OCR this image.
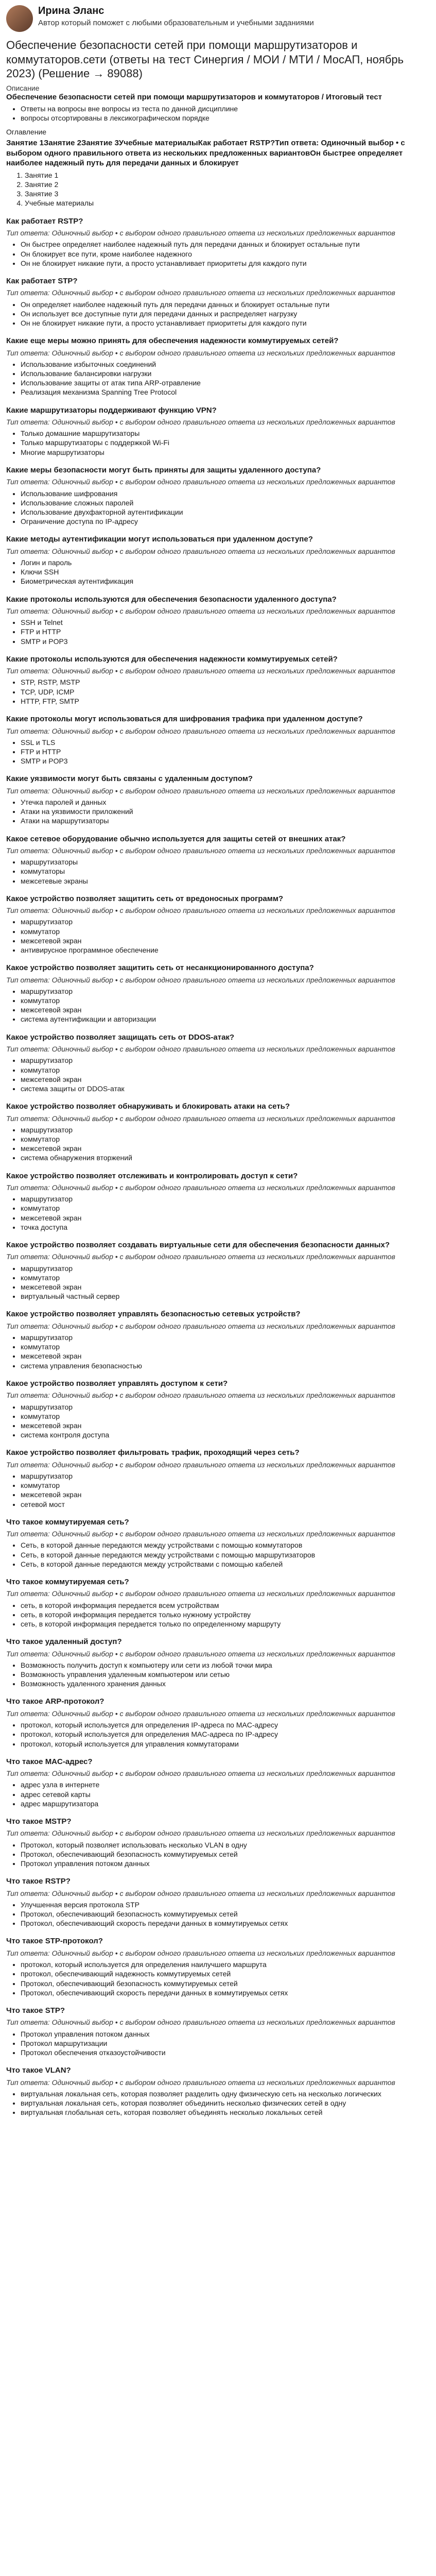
Ирина Эланс
Автор который поможет с любыми образовательным и учебными заданиями
Обеспечение безопасности сетей при помощи маршрутизаторов и коммутаторов.сети (ответы на тест Синергия / МОИ / МТИ / МосАП, ноябрь 2023) (Решение → 89088)
Описание
Обеспечение безопасности сетей при помощи маршрутизаторов и коммутаторов / Итоговый тест
• Ответы на вопросы вне вопросы из теста по данной дисциплине
• вопросы отсортированы в лексикографическом порядке
Оглавление
Занятие 1Занятие 2Занятие 3Учебные материалыКак работает RSTP?Тип ответа: Одиночный выбор • с выбором одного правильного ответа из нескольких предложенных вариантовОн быстрее определяет наиболее надежный путь для передачи данных и блокирует
1. Занятие 1
2. Занятие 2
3. Занятие 3
4. Учебные материалы
Как работает RSTP?
Тип ответа: Одиночный выбор • с выбором одного правильного ответа из нескольких предложенных вариантов
• Он быстрее определяет наиболее надежный путь для передачи данных и блокирует остальные пути
• Он блокирует все пути, кроме наиболее надежного
• Он не блокирует никакие пути, а просто устанавливает приоритеты для каждого пути
Как работает STP?
Тип ответа: Одиночный выбор • с выбором одного правильного ответа из нескольких предложенных вариантов
• Он определяет наиболее надежный путь для передачи данных и блокирует остальные пути
• Он использует все доступные пути для передачи данных и распределяет нагрузку
• Он не блокирует никакие пути, а просто устанавливает приоритеты для каждого пути
Какие еще меры можно принять для обеспечения надежности коммутируемых сетей?
Тип ответа: Одиночный выбор • с выбором одного правильного ответа из нескольких предложенных вариантов
• Использование избыточных соединений
• Использование балансировки нагрузки
• Использование защиты от атак типа ARP-отравление
• Реализация механизма Spanning Tree Protocol
Какие маршрутизаторы поддерживают функцию VPN?
Тип ответа: Одиночный выбор • с выбором одного правильного ответа из нескольких предложенных вариантов
• Только домашние маршрутизаторы
• Только маршрутизаторы с поддержкой Wi-Fi
• Многие маршрутизаторы
Какие меры безопасности могут быть приняты для защиты удаленного доступа?
Тип ответа: Одиночный выбор • с выбором одного правильного ответа из нескольких предложенных вариантов
• Использование шифрования
• Использование сложных паролей
• Использование двухфакторной аутентификации
• Ограничение доступа по IP-адресу
Какие методы аутентификации могут использоваться при удаленном доступе?
Тип ответа: Одиночный выбор • с выбором одного правильного ответа из нескольких предложенных вариантов
• Логин и пароль
• Ключи SSH
• Биометрическая аутентификация
Какие протоколы используются для обеспечения безопасности удаленного доступа?
Тип ответа: Одиночный выбор • с выбором одного правильного ответа из нескольких предложенных вариантов
• SSH и Telnet
• FTP и HTTP
• SMTP и POP3
Какие протоколы используются для обеспечения надежности коммутируемых сетей?
Тип ответа: Одиночный выбор • с выбором одного правильного ответа из нескольких предложенных вариантов
• STP, RSTP, MSTP
• TCP, UDP, ICMP
• HTTP, FTP, SMTP
Какие протоколы могут использоваться для шифрования трафика при удаленном доступе?
Тип ответа: Одиночный выбор • с выбором одного правильного ответа из нескольких предложенных вариантов
• SSL и TLS
• FTP и HTTP
• SMTP и POP3
Какие уязвимости могут быть связаны с удаленным доступом?
Тип ответа: Одиночный выбор • с выбором одного правильного ответа из нескольких предложенных вариантов
• Утечка паролей и данных
• Атаки на уязвимости приложений
• Атаки на маршрутизаторы
Какое сетевое оборудование обычно используется для защиты сетей от внешних атак?
Тип ответа: Одиночный выбор • с выбором одного правильного ответа из нескольких предложенных вариантов
• маршрутизаторы
• коммутаторы
• межсетевые экраны
Какое устройство позволяет защитить сеть от вредоносных программ?
Тип ответа: Одиночный выбор • с выбором одного правильного ответа из нескольких предложенных вариантов
• маршрутизатор
• коммутатор
• межсетевой экран
• антивирусное программное обеспечение
Какое устройство позволяет защитить сеть от несанкционированного доступа?
Тип ответа: Одиночный выбор • с выбором одного правильного ответа из нескольких предложенных вариантов
• маршрутизатор
• коммутатор
• межсетевой экран
• система аутентификации и авторизации
Какое устройство позволяет защищать сеть от DDOS-атак?
Тип ответа: Одиночный выбор • с выбором одного правильного ответа из нескольких предложенных вариантов
• маршрутизатор
• коммутатор
• межсетевой экран
• система защиты от DDOS-атак
Какое устройство позволяет обнаруживать и блокировать атаки на сеть?
Тип ответа: Одиночный выбор • с выбором одного правильного ответа из нескольких предложенных вариантов
• маршрутизатор
• коммутатор
• межсетевой экран
• система обнаружения вторжений
Какое устройство позволяет отслеживать и контролировать доступ к сети?
Тип ответа: Одиночный выбор • с выбором одного правильного ответа из нескольких предложенных вариантов
• маршрутизатор
• коммутатор
• межсетевой экран
• точка доступа
Какое устройство позволяет создавать виртуальные сети для обеспечения безопасности данных?
Тип ответа: Одиночный выбор • с выбором одного правильного ответа из нескольких предложенных вариантов
• маршрутизатор
• коммутатор
• межсетевой экран
• виртуальный частный сервер
Какое устройство позволяет управлять безопасностью сетевых устройств?
Тип ответа: Одиночный выбор • с выбором одного правильного ответа из нескольких предложенных вариантов
• маршрутизатор
• коммутатор
• межсетевой экран
• система управления безопасностью
Какое устройство позволяет управлять доступом к сети?
Тип ответа: Одиночный выбор • с выбором одного правильного ответа из нескольких предложенных вариантов
• маршрутизатор
• коммутатор
• межсетевой экран
• система контроля доступа
Какое устройство позволяет фильтровать трафик, проходящий через сеть?
Тип ответа: Одиночный выбор • с выбором одного правильного ответа из нескольких предложенных вариантов
• маршрутизатор
• коммутатор
• межсетевой экран
• сетевой мост
Что такое коммутируемая сеть?
Тип ответа: Одиночный выбор • с выбором одного правильного ответа из нескольких предложенных вариантов
• Сеть, в которой данные передаются между устройствами с помощью коммутаторов
• Сеть, в которой данные передаются между устройствами с помощью маршрутизаторов
• Сеть, в которой данные передаются между устройствами с помощью кабелей
Что такое коммутируемая сеть?
Тип ответа: Одиночный выбор • с выбором одного правильного ответа из нескольких предложенных вариантов
• сеть, в которой информация передается всем устройствам
• сеть, в которой информация передается только нужному устройству
• сеть, в которой информация передается только по определенному маршруту
Что такое удаленный доступ?
Тип ответа: Одиночный выбор • с выбором одного правильного ответа из нескольких предложенных вариантов
• Возможность получить доступ к компьютеру или сети из любой точки мира
• Возможность управления удаленным компьютером или сетью
• Возможность удаленного хранения данных
Что такое ARP-протокол?
Тип ответа: Одиночный выбор • с выбором одного правильного ответа из нескольких предложенных вариантов
• протокол, который используется для определения IP-адреса по MAC-адресу
• протокол, который используется для определения MAC-адреса по IP-адресу
• протокол, который используется для управления коммутаторами
Что такое MAC-адрес?
Тип ответа: Одиночный выбор • с выбором одного правильного ответа из нескольких предложенных вариантов
• адрес узла в интернете
• адрес сетевой карты
• адрес маршрутизатора
Что такое MSTP?
Тип ответа: Одиночный выбор • с выбором одного правильного ответа из нескольких предложенных вариантов
• Протокол, который позволяет использовать несколько VLAN в одну
• Протокол, обеспечивающий безопасность коммутируемых сетей
• Протокол управления потоком данных
Что такое RSTP?
Тип ответа: Одиночный выбор • с выбором одного правильного ответа из нескольких предложенных вариантов
• Улучшенная версия протокола STP
• Протокол, обеспечивающий безопасность коммутируемых сетей
• Протокол, обеспечивающий скорость передачи данных в коммутируемых сетях
Что такое STP-протокол?
Тип ответа: Одиночный выбор • с выбором одного правильного ответа из нескольких предложенных вариантов
• протокол, который используется для определения наилучшего маршрута
• протокол, обеспечивающий надежность коммутируемых сетей
• Протокол, обеспечивающий безопасность коммутируемых сетей
• Протокол, обеспечивающий скорость передачи данных в коммутируемых сетях
Что такое STP?
Тип ответа: Одиночный выбор • с выбором одного правильного ответа из нескольких предложенных вариантов
• Протокол управления потоком данных
• Протокол маршрутизации
• Протокол обеспечения отказоустойчивости
Что такое VLAN?
Тип ответа: Одиночный выбор • с выбором одного правильного ответа из нескольких предложенных вариантов
• виртуальная локальная сеть, которая позволяет разделить одну физическую сеть на несколько логических
• виртуальная локальная сеть, которая позволяет объединить несколько физических сетей в одну
• виртуальная глобальная сеть, которая позволяет объединять несколько локальных сетей
